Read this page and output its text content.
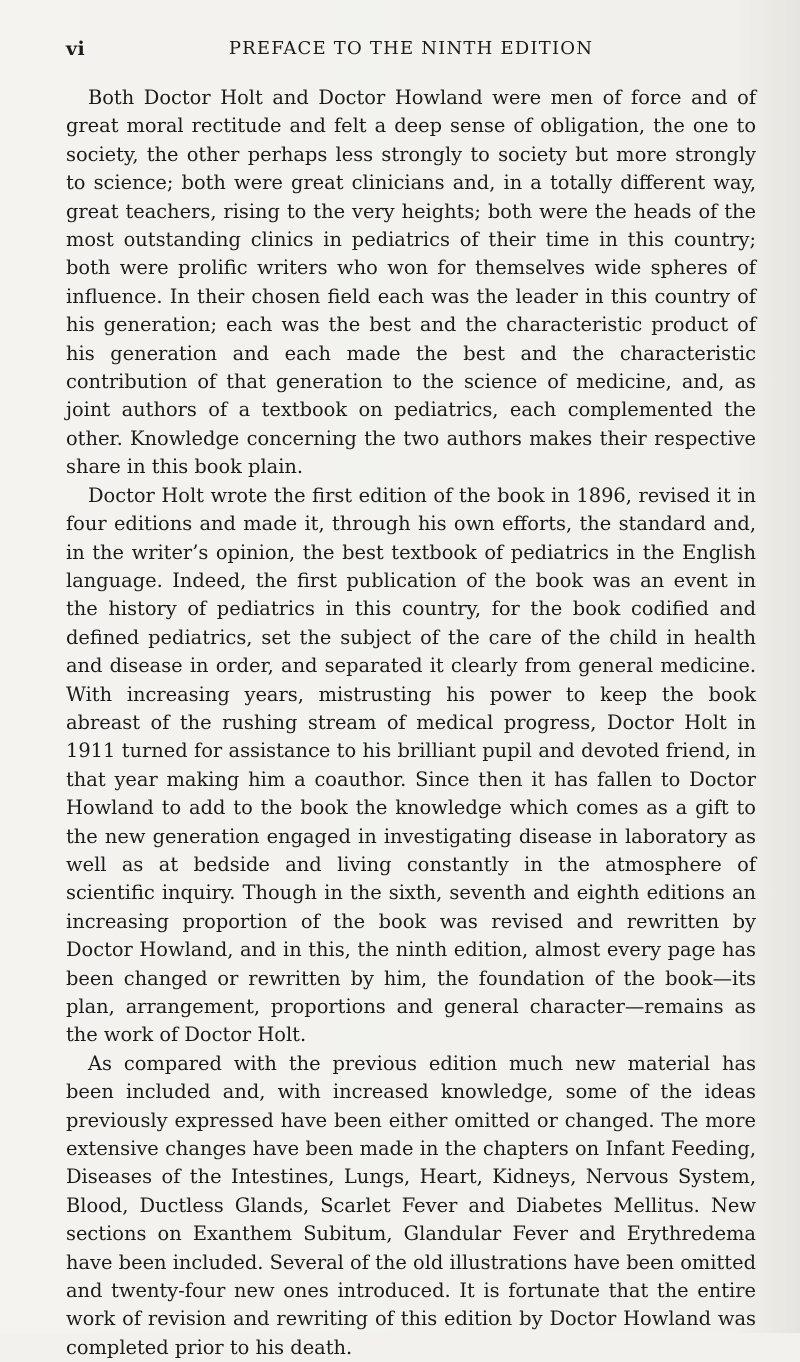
vi	PREFACE TO THE NINTH EDITION

Both Doctor Holt and Doctor Howland were men of force and of great moral rectitude and felt a deep sense of obligation, the one to society, the other perhaps less strongly to society but more strongly to science; both were great clinicians and, in a totally different way, great teachers, rising to the very heights; both were the heads of the most outstanding clinics in pediatrics of their time in this country; both were prolific writers who won for themselves wide spheres of influence. In their chosen field each was the leader in this country of his generation; each was the best and the characteristic product of his generation and each made the best and the characteristic contribution of that generation to the science of medicine, and, as joint authors of a textbook on pediatrics, each complemented the other. Knowledge concerning the two authors makes their respective share in this book plain.

Doctor Holt wrote the first edition of the book in 1896, revised it in four editions and made it, through his own efforts, the standard and, in the writer’s opinion, the best textbook of pediatrics in the English language. Indeed, the first publication of the book was an event in the history of pediatrics in this country, for the book codified and defined pediatrics, set the subject of the care of the child in health and disease in order, and separated it clearly from general medicine. With increasing years, mistrusting his power to keep the book abreast of the rushing stream of medical progress, Doctor Holt in 1911 turned for assistance to his brilliant pupil and devoted friend, in that year making him a coauthor. Since then it has fallen to Doctor Howland to add to the book the knowledge which comes as a gift to the new generation engaged in investigating disease in laboratory as well as at bedside and living constantly in the atmosphere of scientific inquiry. Though in the sixth, seventh and eighth editions an increasing proportion of the book was revised and rewritten by Doctor Howland, and in this, the ninth edition, almost every page has been changed or rewritten by him, the foundation of the book—its plan, arrangement, proportions and general character—remains as the work of Doctor Holt.

As compared with the previous edition much new material has been included and, with increased knowledge, some of the ideas previously expressed have been either omitted or changed. The more extensive changes have been made in the chapters on Infant Feeding, Diseases of the Intestines, Lungs, Heart, Kidneys, Nervous System, Blood, Ductless Glands, Scarlet Fever and Diabetes Mellitus. New sections on Exanthem Subitum, Glandular Fever and Erythredema have been included. Several of the old illustrations have been omitted and twenty-four new ones introduced. It is fortunate that the entire work of revision and rewriting of this edition by Doctor Howland was completed prior to his death.
